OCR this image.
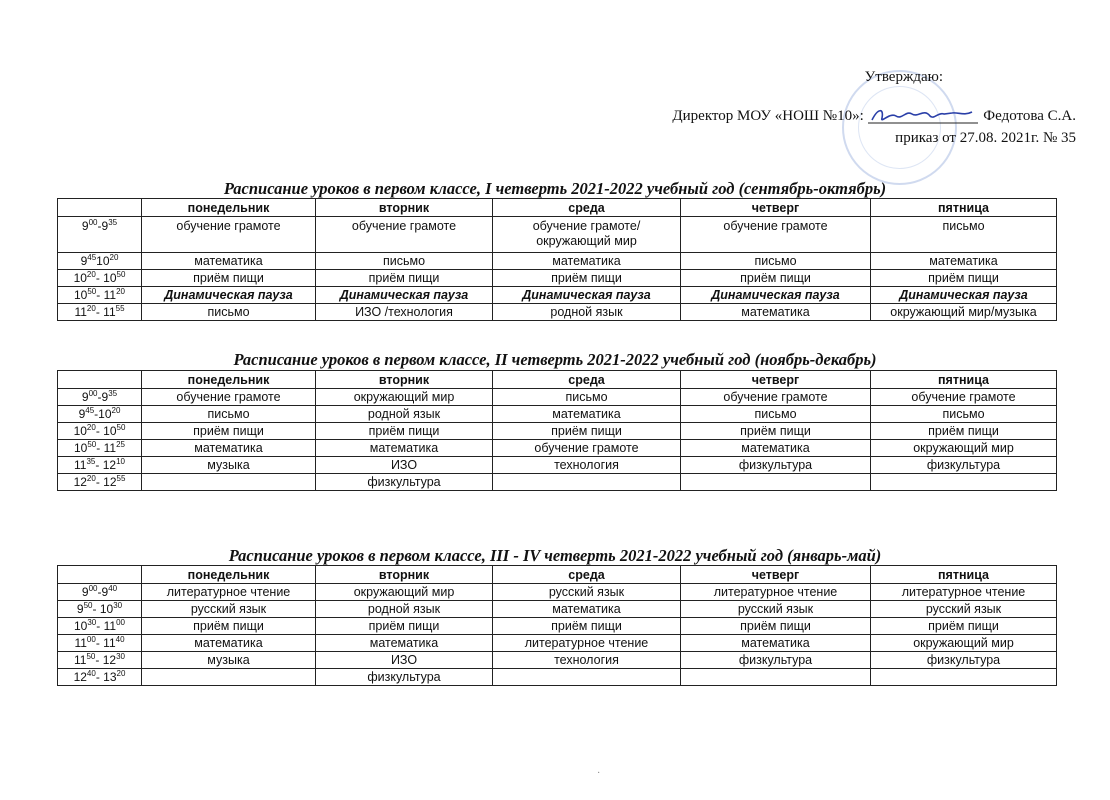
Утверждаю:
Директор МОУ «НОШ №10»:	Федотова С.А.
приказ от 27.08. 2021г. № 35
Расписание уроков в первом классе, I четверть 2021-2022 учебный год (сентябрь-октябрь)
	понедельник	вторник	среда	четверг	пятница
$9^{00}-9^{35}$	обучение грамоте	обучение грамоте	обучение грамоте/ окружающий мир	обучение грамоте	письмо
$9^{45}10^{20}$	математика	письмо	математика	письмо	математика
$10^{20}-$ $10^{50}$	приём пищи	приём пищи	приём пищи	приём пищи	приём пищи
$10^{50}-$ $11^{20}$	Динамическая пауза	Динамическая пауза	Динамическая пауза	Динамическая пауза	Динамическая пауза
$11^{20}-$ $11^{55}$	письмо	ИЗО /технология	родной язык	математика	окружающий мир/музыка
Расписание уроков в первом классе, II четверть 2021-2022 учебный год (ноябрь-декабрь)
	понедельник	вторник	среда	четверг	пятница
$9^{00}-9^{35}$	обучение грамоте	окружающий мир	письмо	обучение грамоте	обучение грамоте
$9^{45}-10^{20}$	письмо	родной язык	математика	письмо	письмо
$10^{20}-$ $10^{50}$	приём пищи	приём пищи	приём пищи	приём пищи	приём пищи
$10^{50}-$ $11^{25}$	математика	математика	обучение грамоте	математика	окружающий мир
$11^{35}-$ $12^{10}$	музыка	ИЗО	технология	физкультура	физкультура
$12^{20}-$ $12^{55}$		физкультура			
Расписание уроков в первом классе, III - IV четверть 2021-2022 учебный год (январь-май)
	понедельник	вторник	среда	четверг	пятница
$9^{00}-9^{40}$	литературное чтение	окружающий мир	русский язык	литературное чтение	литературное чтение
$9^{50}-$ $10^{30}$	русский язык	родной язык	математика	русский язык	русский язык
$10^{30}-$ $11^{00}$	приём пищи	приём пищи	приём пищи	приём пищи	приём пищи
$11^{00}-$ $11^{40}$	математика	математика	литературное чтение	математика	окружающий мир
$11^{50}-$ $12^{30}$	музыка	ИЗО	технология	физкультура	физкультура
$12^{40}-$ $13^{20}$		физкультура			
·
